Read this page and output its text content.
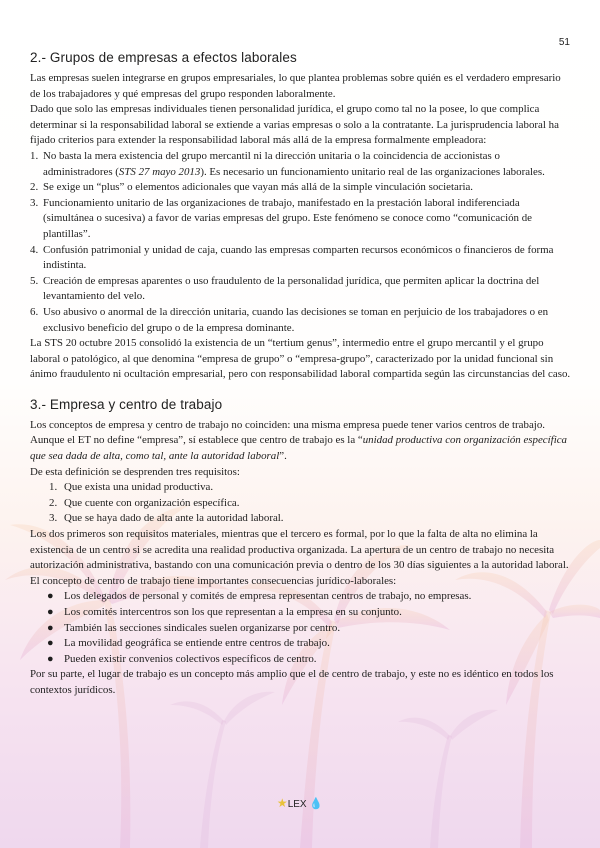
51
2.- Grupos de empresas a efectos laborales

Las empresas suelen integrarse en grupos empresariales, lo que plantea problemas sobre quién es el verdadero empresario de los trabajadores y qué empresas del grupo responden laboralmente.

Dado que solo las empresas individuales tienen personalidad jurídica, el grupo como tal no la posee, lo que complica determinar si la responsabilidad laboral se extiende a varias empresas o solo a la contratante. La jurisprudencia laboral ha fijado criterios para extender la responsabilidad laboral más allá de la empresa formalmente empleadora:

1. No basta la mera existencia del grupo mercantil ni la dirección unitaria o la coincidencia de accionistas o administradores (STS 27 mayo 2013). Es necesario un funcionamiento unitario real de las organizaciones laborales.
2. Se exige un “plus” o elementos adicionales que vayan más allá de la simple vinculación societaria.
3. Funcionamiento unitario de las organizaciones de trabajo, manifestado en la prestación laboral indiferenciada (simultánea o sucesiva) a favor de varias empresas del grupo. Este fenómeno se conoce como “comunicación de plantillas”.
4. Confusión patrimonial y unidad de caja, cuando las empresas comparten recursos económicos o financieros de forma indistinta.
5. Creación de empresas aparentes o uso fraudulento de la personalidad jurídica, que permiten aplicar la doctrina del levantamiento del velo.
6. Uso abusivo o anormal de la dirección unitaria, cuando las decisiones se toman en perjuicio de los trabajadores o en exclusivo beneficio del grupo o de la empresa dominante.

La STS 20 octubre 2015 consolidó la existencia de un “tertium genus”, intermedio entre el grupo mercantil y el grupo laboral o patológico, al que denomina “empresa de grupo” o “empresa-grupo”, caracterizado por la unidad funcional sin ánimo fraudulento ni ocultación empresarial, pero con responsabilidad laboral compartida según las circunstancias del caso.

3.- Empresa y centro de trabajo

Los conceptos de empresa y centro de trabajo no coinciden: una misma empresa puede tener varios centros de trabajo. Aunque el ET no define “empresa”, sí establece que centro de trabajo es la “unidad productiva con organización específica que sea dada de alta, como tal, ante la autoridad laboral”.

De esta definición se desprenden tres requisitos:

1. Que exista una unidad productiva.
2. Que cuente con organización específica.
3. Que se haya dado de alta ante la autoridad laboral.

Los dos primeros son requisitos materiales, mientras que el tercero es formal, por lo que la falta de alta no elimina la existencia de un centro si se acredita una realidad productiva organizada. La apertura de un centro de trabajo no necesita autorización administrativa, bastando con una comunicación previa o dentro de los 30 días siguientes a la autoridad laboral. El concepto de centro de trabajo tiene importantes consecuencias jurídico-laborales:

● Los delegados de personal y comités de empresa representan centros de trabajo, no empresas.
● Los comités intercentros son los que representan a la empresa en su conjunto.
● También las secciones sindicales suelen organizarse por centro.
● La movilidad geográfica se entiende entre centros de trabajo.
● Pueden existir convenios colectivos específicos de centro.

Por su parte, el lugar de trabajo es un concepto más amplio que el de centro de trabajo, y este no es idéntico en todos los contextos jurídicos.

★LEX 💧
